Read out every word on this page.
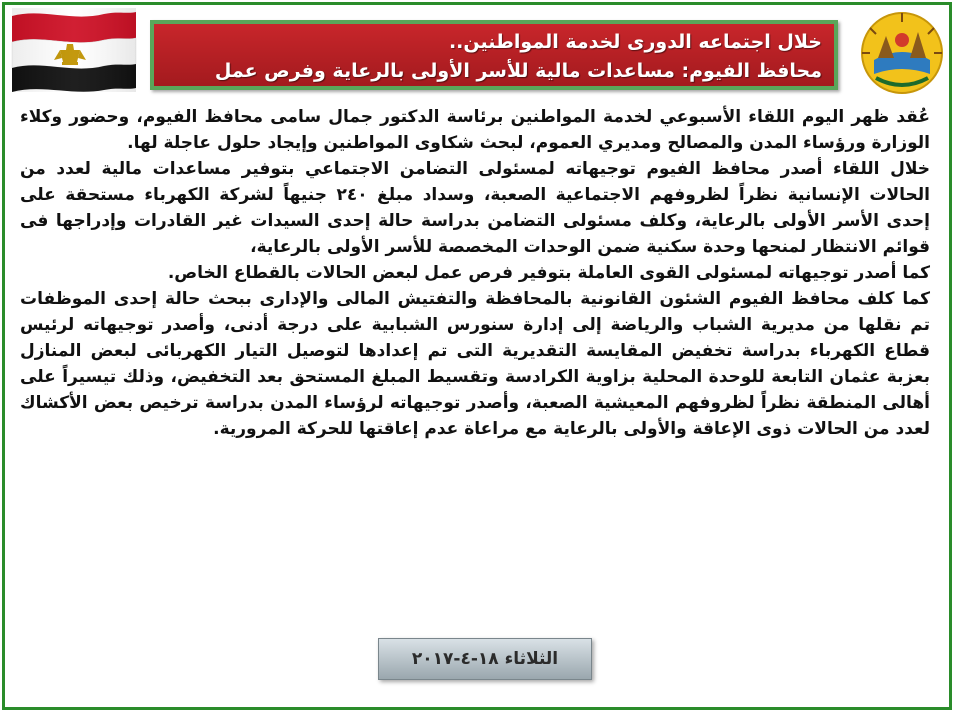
خلال اجتماعه الدورى لخدمة المواطنين..
محافظ الفيوم: مساعدات مالية للأسر الأولى بالرعاية وفرص عمل

عُقد ظهر اليوم اللقاء الأسبوعي لخدمة المواطنين برئاسة الدكتور جمال سامى محافظ الفيوم، وحضور وكلاء الوزارة ورؤساء المدن والمصالح ومديري العموم، لبحث شكاوى المواطنين وإيجاد حلول عاجلة لها.

خلال اللقاء أصدر محافظ الفيوم توجيهاته لمسئولى التضامن الاجتماعي بتوفير مساعدات مالية لعدد من الحالات الإنسانية نظراً لظروفهم الاجتماعية الصعبة، وسداد مبلغ ٢٤٠ جنيهاً لشركة الكهرباء مستحقة على إحدى الأسر الأولى بالرعاية، وكلف مسئولى التضامن بدراسة حالة إحدى السيدات غير القادرات وإدراجها فى قوائم الانتظار لمنحها وحدة سكنية ضمن الوحدات المخصصة للأسر الأولى بالرعاية،

كما أصدر توجيهاته لمسئولى القوى العاملة بتوفير فرص عمل لبعض الحالات بالقطاع الخاص.

كما كلف محافظ الفيوم الشئون القانونية بالمحافظة والتفتيش المالى والإدارى ببحث حالة إحدى الموظفات تم نقلها من مديرية الشباب والرياضة إلى إدارة سنورس الشبابية على درجة أدنى، وأصدر توجيهاته لرئيس قطاع الكهرباء بدراسة تخفيض المقايسة التقديرية التى تم إعدادها لتوصيل التيار الكهربائى لبعض المنازل بعزبة عثمان التابعة للوحدة المحلية بزاوية الكرادسة وتقسيط المبلغ المستحق بعد التخفيض، وذلك تيسيراً على أهالى المنطقة نظراً لظروفهم المعيشية الصعبة، وأصدر توجيهاته لرؤساء المدن بدراسة ترخيص بعض الأكشاك لعدد من الحالات ذوى الإعاقة والأولى بالرعاية مع مراعاة عدم إعاقتها للحركة المرورية.

الثلاثاء ١٨-٤-٢٠١٧
